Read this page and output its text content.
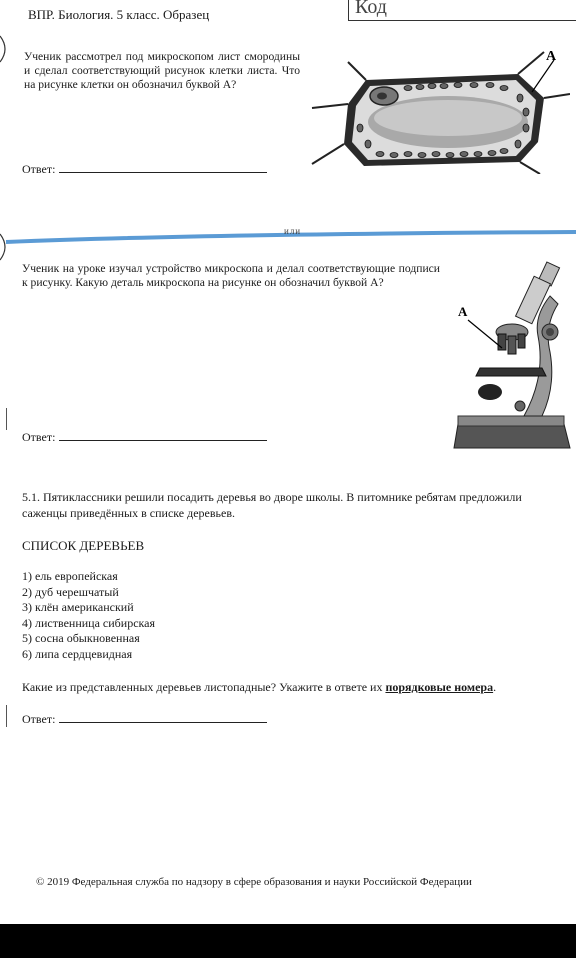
ВПР. Биология. 5 класс. Образец	Код
Ученик рассмотрел под микроскопом лист смородины и сделал соответствующий рисунок клетки листа. Что на рисунке клетки он обозначил буквой А?
А
Ответ:
или
Ученик на уроке изучал устройство микроскопа и делал соответствующие подписи к рисунку. Какую деталь микроскопа на рисунке он обозначил буквой А?
А
Ответ:
5.1. Пятиклассники решили посадить деревья во дворе школы. В питомнике ребятам предложили саженцы приведённых в списке деревьев.
СПИСОК ДЕРЕВЬЕВ
1) ель европейская
2) дуб черешчатый
3) клён американский
4) лиственница сибирская
5) сосна обыкновенная
6) липа сердцевидная
Какие из представленных деревьев листопадные? Укажите в ответе их порядковые номера.
Ответ:
© 2019 Федеральная служба по надзору в сфере образования и науки Российской Федерации
